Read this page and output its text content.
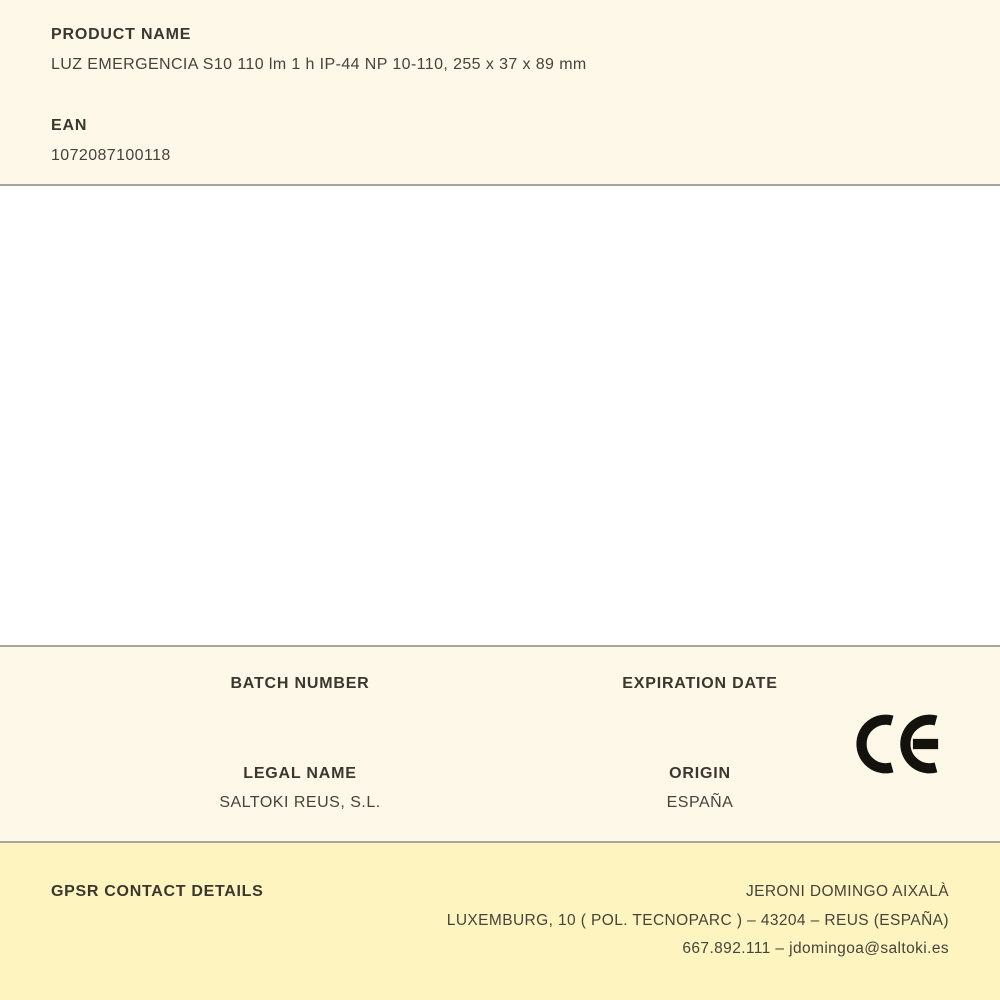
PRODUCT NAME
LUZ EMERGENCIA S10 110 lm 1 h IP-44 NP 10-110, 255 x 37 x 89 mm
EAN
1072087100118
BATCH NUMBER
LEGAL NAME
SALTOKI REUS, S.L.
EXPIRATION DATE
ORIGIN
ESPAÑA
GPSR CONTACT DETAILS	JERONI DOMINGO AIXALÀ
LUXEMBURG, 10 ( POL. TECNOPARC ) – 43204 – REUS (ESPAÑA)
667.892.111 – jdomingoa@saltoki.es
